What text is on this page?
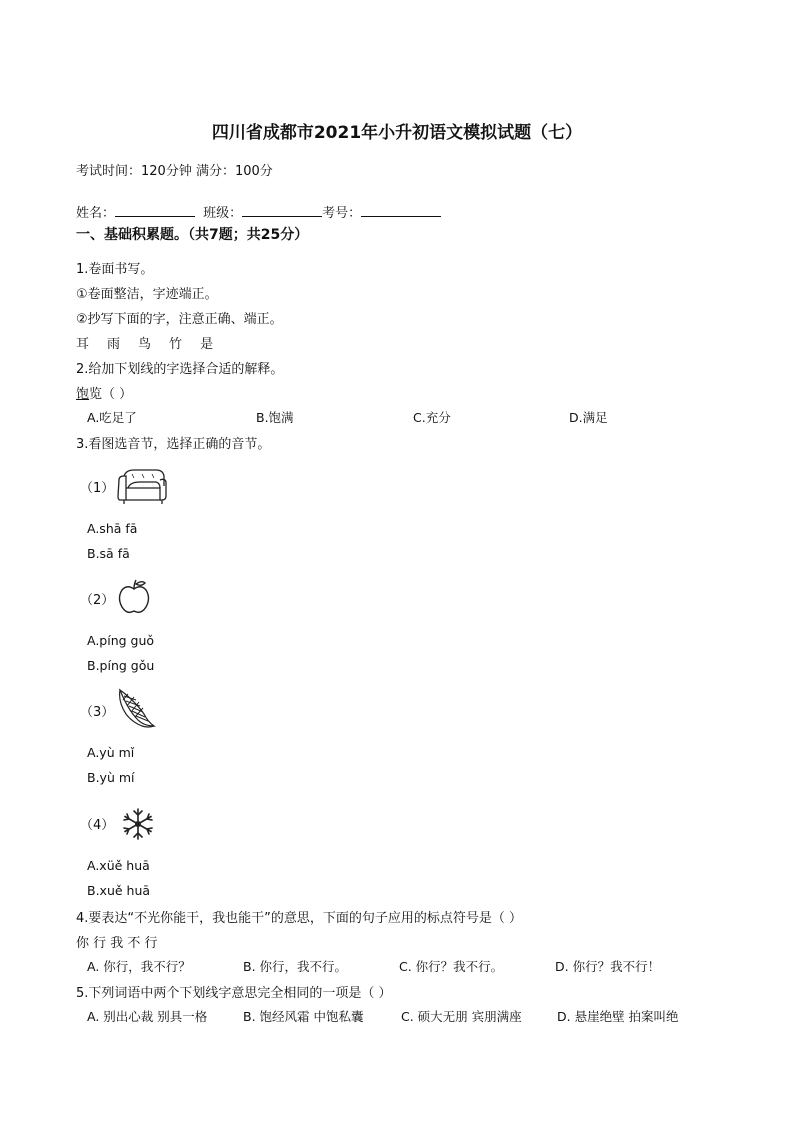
四川省成都市2021年小升初语文模拟试题（七）
考试时间：120分钟 满分：100分
姓名：	班级：	考号：
一、基础积累题。（共7题；共25分）
1.卷面书写。
①卷面整洁，字迹端正。
②抄写下面的字，注意正确、端正。
耳 雨 鸟 竹 是
2.给加下划线的字选择合适的解释。
饱览（ ）
A.吃足了	B.饱满	C.充分	D.满足
3.看图选音节，选择正确的音节。
（1）
A.shā fā
B.sā fā
（2）
A.píng guǒ
B.píng gǒu
（3）
A.yù mǐ
B.yù mí
（4）
A.xüě huā
B.xuě huā
4.要表达“不光你能干，我也能干”的意思，下面的句子应用的标点符号是（ ）
你 行 我 不 行
A. 你行，我不行？	B. 你行，我不行。	C. 你行？我不行。	D. 你行？我不行！
5.下列词语中两个下划线字意思完全相同的一项是（ ）
A. 别出心裁 别具一格	B. 饱经风霜 中饱私囊	C. 硕大无朋 宾朋满座	D. 悬崖绝壁 拍案叫绝
